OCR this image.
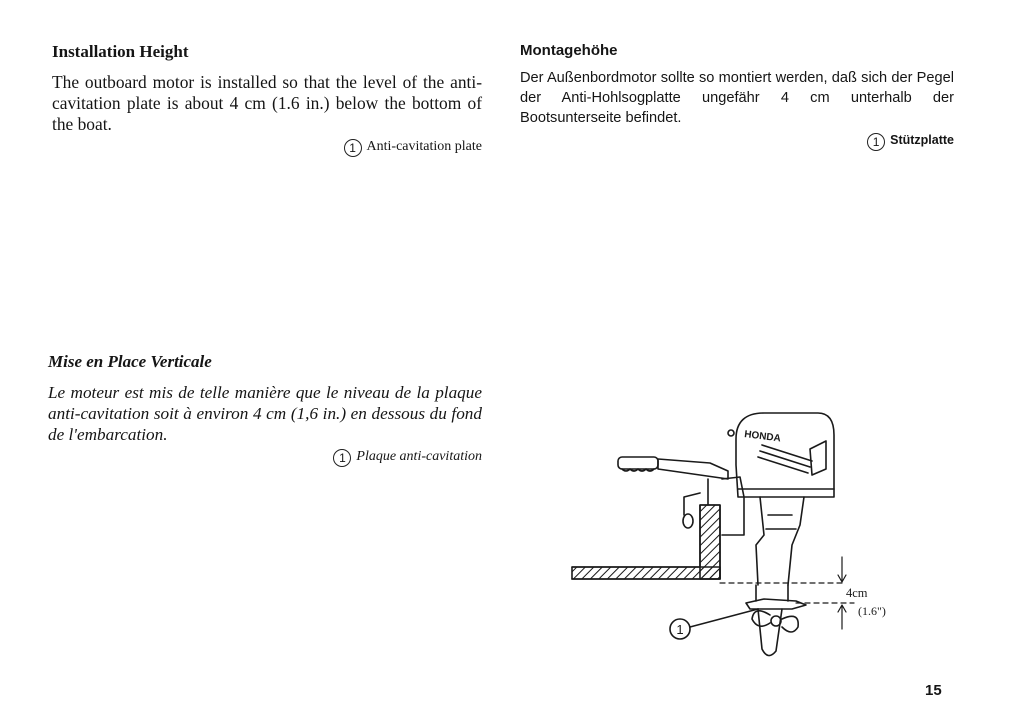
Installation Height

The outboard motor is installed so that the level of the anti-cavitation plate is about 4 cm (1.6 in.) below the bottom of the boat.

1 Anti-cavitation plate
Montagehöhe

Der Außenbordmotor sollte so montiert werden, daß sich der Pegel der Anti-Hohlsogplatte ungefähr 4 cm unterhalb der Bootsunterseite befindet.

1 Stützplatte
Mise en Place Verticale

Le moteur est mis de telle manière que le niveau de la plaque anti-cavitation soit à environ 4 cm (1,6 in.) en dessous du fond de l'embarcation.

1 Plaque anti-cavitation
HONDA
4cm
(1.6")
1
15
